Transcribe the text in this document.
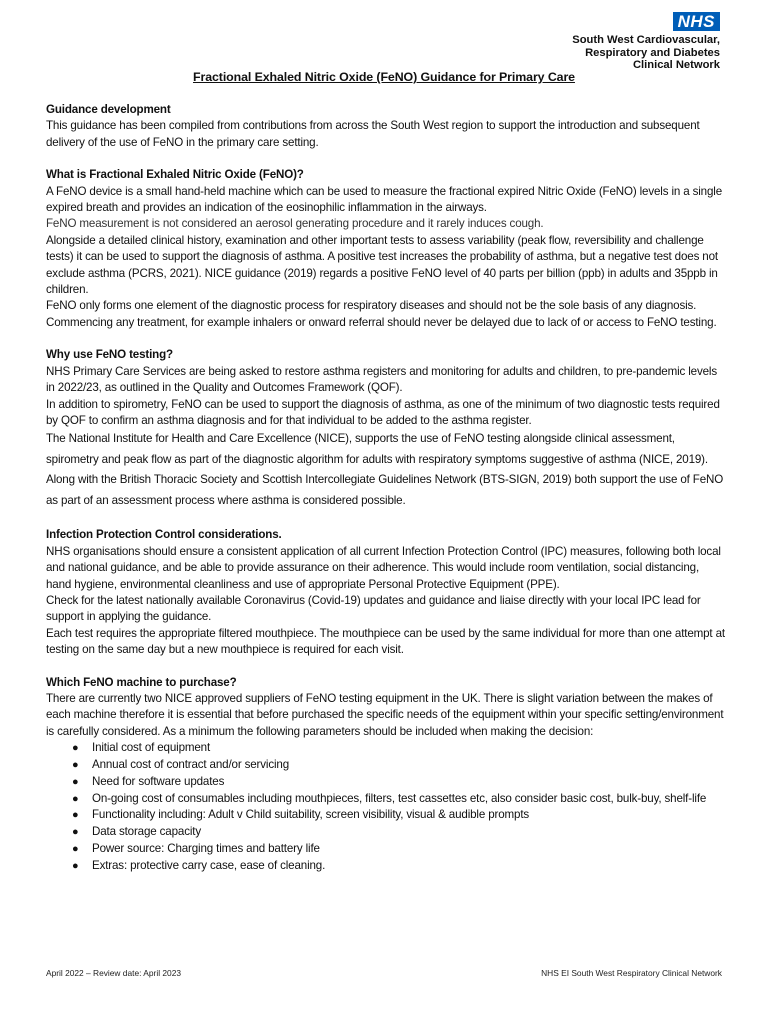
NHS
South West Cardiovascular,
Respiratory and Diabetes
Clinical Network
Fractional Exhaled Nitric Oxide (FeNO) Guidance for Primary Care
Guidance development

This guidance has been compiled from contributions from across the South West region to support the introduction and subsequent delivery of the use of FeNO in the primary care setting.

What is Fractional Exhaled Nitric Oxide (FeNO)?

A FeNO device is a small hand-held machine which can be used to measure the fractional expired Nitric Oxide (FeNO) levels in a single expired breath and provides an indication of the eosinophilic inflammation in the airways.

FeNO measurement is not considered an aerosol generating procedure and it rarely induces cough.

Alongside a detailed clinical history, examination and other important tests to assess variability (peak flow, reversibility and challenge tests) it can be used to support the diagnosis of asthma. A positive test increases the probability of asthma, but a negative test does not exclude asthma (PCRS, 2021). NICE guidance (2019) regards a positive FeNO level of 40 parts per billion (ppb) in adults and 35ppb in children.

FeNO only forms one element of the diagnostic process for respiratory diseases and should not be the sole basis of any diagnosis. Commencing any treatment, for example inhalers or onward referral should never be delayed due to lack of or access to FeNO testing.

Why use FeNO testing?

NHS Primary Care Services are being asked to restore asthma registers and monitoring for adults and children, to pre-pandemic levels in 2022/23, as outlined in the Quality and Outcomes Framework (QOF).

In addition to spirometry, FeNO can be used to support the diagnosis of asthma, as one of the minimum of two diagnostic tests required by QOF to confirm an asthma diagnosis and for that individual to be added to the asthma register.

The National Institute for Health and Care Excellence (NICE), supports the use of FeNO testing alongside clinical assessment, spirometry and peak flow as part of the diagnostic algorithm for adults with respiratory symptoms suggestive of asthma (NICE, 2019). Along with the British Thoracic Society and Scottish Intercollegiate Guidelines Network (BTS-SIGN, 2019) both support the use of FeNO as part of an assessment process where asthma is considered possible.

Infection Protection Control considerations.

NHS organisations should ensure a consistent application of all current Infection Protection Control (IPC) measures, following both local and national guidance, and be able to provide assurance on their adherence. This would include room ventilation, social distancing, hand hygiene, environmental cleanliness and use of appropriate Personal Protective Equipment (PPE).

Check for the latest nationally available Coronavirus (Covid-19) updates and guidance and liaise directly with your local IPC lead for support in applying the guidance.

Each test requires the appropriate filtered mouthpiece. The mouthpiece can be used by the same individual for more than one attempt at testing on the same day but a new mouthpiece is required for each visit.

Which FeNO machine to purchase?

There are currently two NICE approved suppliers of FeNO testing equipment in the UK. There is slight variation between the makes of each machine therefore it is essential that before purchased the specific needs of the equipment within your specific setting/environment is carefully considered. As a minimum the following parameters should be included when making the decision:

● Initial cost of equipment
● Annual cost of contract and/or servicing
● Need for software updates
● On-going cost of consumables including mouthpieces, filters, test cassettes etc, also consider basic cost, bulk-buy, shelf-life
● Functionality including: Adult v Child suitability, screen visibility, visual & audible prompts
● Data storage capacity
● Power source: Charging times and battery life
● Extras: protective carry case, ease of cleaning.
April 2022 – Review date: April 2023	NHS EI South West Respiratory Clinical Network
